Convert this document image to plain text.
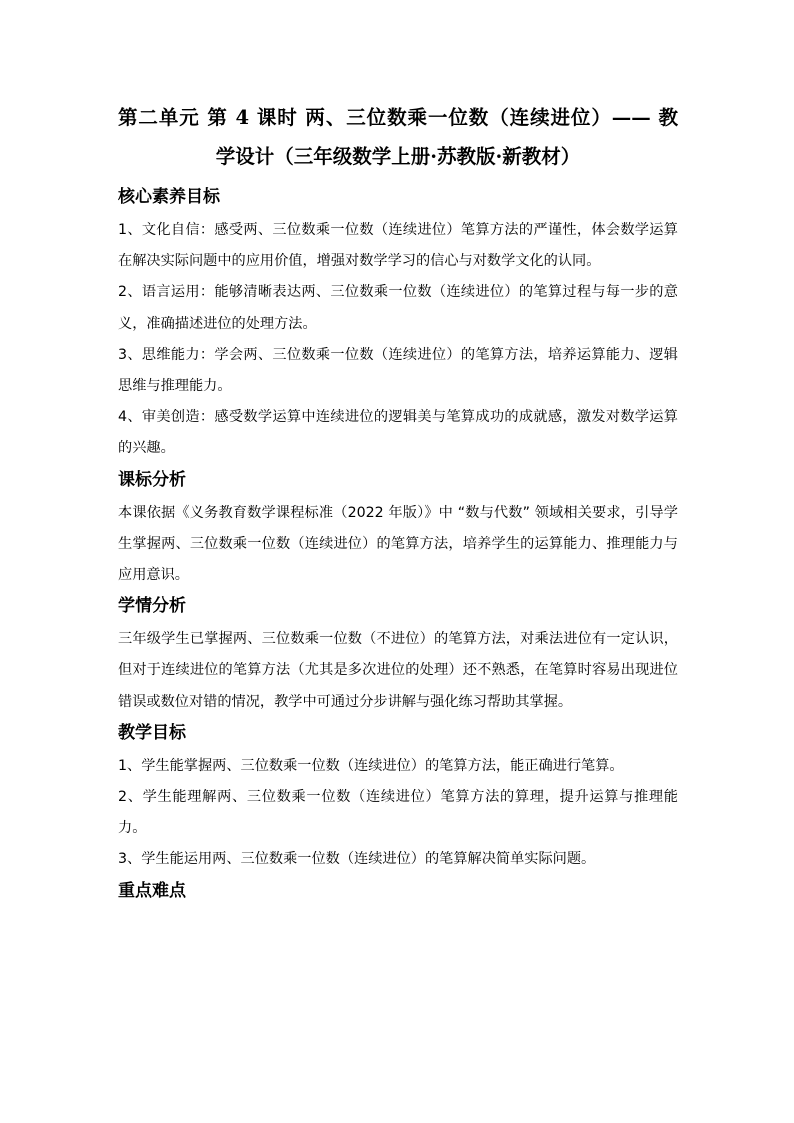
第二单元 第 4 课时 两、三位数乘一位数（连续进位）—— 教
学设计（三年级数学上册·苏教版·新教材）
核心素养目标

1、文化自信：感受两、三位数乘一位数（连续进位）笔算方法的严谨性，体会数学运算在解决实际问题中的应用价值，增强对数学学习的信心与对数学文化的认同。

2、语言运用：能够清晰表达两、三位数乘一位数（连续进位）的笔算过程与每一步的意义，准确描述进位的处理方法。

3、思维能力：学会两、三位数乘一位数（连续进位）的笔算方法，培养运算能力、逻辑思维与推理能力。

4、审美创造：感受数学运算中连续进位的逻辑美与笔算成功的成就感，激发对数学运算的兴趣。

课标分析

本课依据《义务教育数学课程标准（2022 年版）》中 “数与代数” 领域相关要求，引导学生掌握两、三位数乘一位数（连续进位）的笔算方法，培养学生的运算能力、推理能力与应用意识。

学情分析

三年级学生已掌握两、三位数乘一位数（不进位）的笔算方法，对乘法进位有一定认识，但对于连续进位的笔算方法（尤其是多次进位的处理）还不熟悉，在笔算时容易出现进位错误或数位对错的情况，教学中可通过分步讲解与强化练习帮助其掌握。

教学目标

1、学生能掌握两、三位数乘一位数（连续进位）的笔算方法，能正确进行笔算。

2、学生能理解两、三位数乘一位数（连续进位）笔算方法的算理，提升运算与推理能力。

3、学生能运用两、三位数乘一位数（连续进位）的笔算解决简单实际问题。

重点难点
